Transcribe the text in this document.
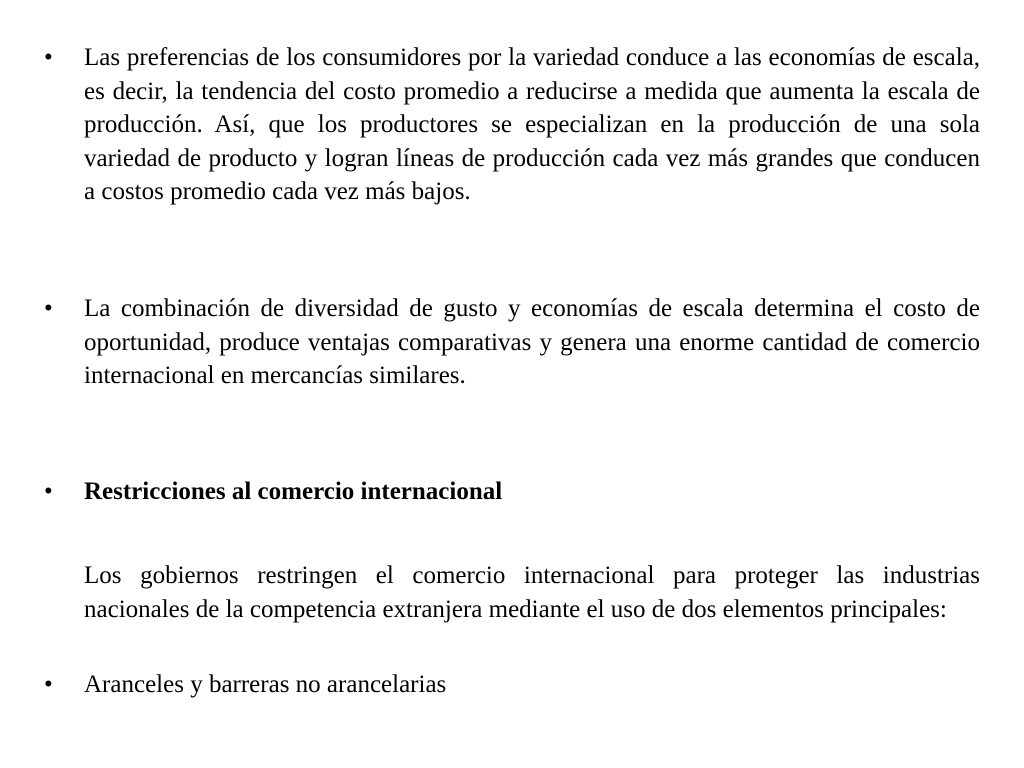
•	Las preferencias de los consumidores por la variedad conduce a las economías de escala, es decir, la tendencia del costo promedio a reducirse a medida que aumenta la escala de producción. Así, que los productores se especializan en la producción de una sola variedad de producto y logran líneas de producción cada vez más grandes que conducen a costos promedio cada vez más bajos.
•	La combinación de diversidad de gusto y economías de escala determina el costo de oportunidad, produce ventajas comparativas y genera una enorme cantidad de comercio internacional en mercancías similares.
•	Restricciones al comercio internacional
Los gobiernos restringen el comercio internacional para proteger las industrias nacionales de la competencia extranjera mediante el uso de dos elementos principales:
•	Aranceles y barreras no arancelarias
